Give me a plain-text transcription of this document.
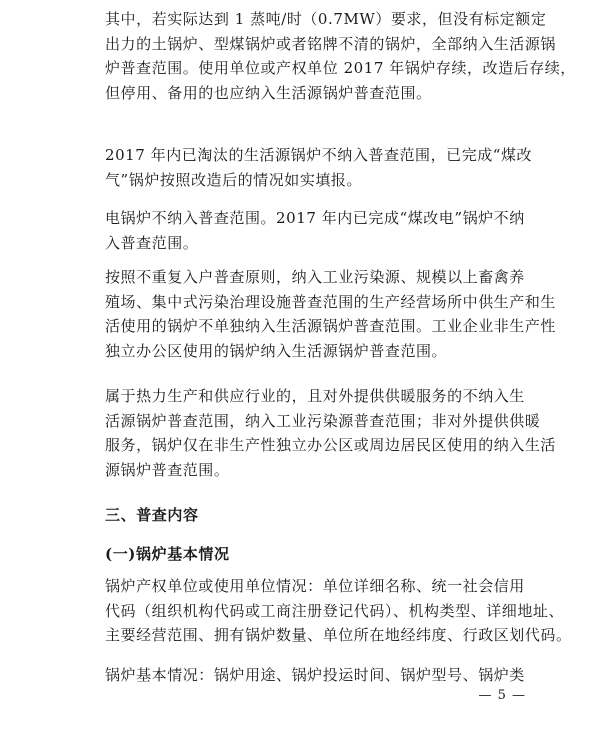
其中，若实际达到 1 蒸吨/时（0.7MW）要求，但没有标定额定
出力的土锅炉、型煤锅炉或者铭牌不清的锅炉，全部纳入生活源锅
炉普查范围。使用单位或产权单位 2017 年锅炉存续，改造后存续，
但停用、备用的也应纳入生活源锅炉普查范围。

2017 年内已淘汰的生活源锅炉不纳入普查范围，已完成“煤改
气”锅炉按照改造后的情况如实填报。

电锅炉不纳入普查范围。2017 年内已完成“煤改电”锅炉不纳
入普查范围。

按照不重复入户普查原则，纳入工业污染源、规模以上畜禽养
殖场、集中式污染治理设施普查范围的生产经营场所中供生产和生
活使用的锅炉不单独纳入生活源锅炉普查范围。工业企业非生产性
独立办公区使用的锅炉纳入生活源锅炉普查范围。

属于热力生产和供应行业的，且对外提供供暖服务的不纳入生
活源锅炉普查范围，纳入工业污染源普查范围；非对外提供供暖
服务，锅炉仅在非生产性独立办公区或周边居民区使用的纳入生活
源锅炉普查范围。

三、普查内容
(一)锅炉基本情况

锅炉产权单位或使用单位情况：单位详细名称、统一社会信用
代码（组织机构代码或工商注册登记代码）、机构类型、详细地址、
主要经营范围、拥有锅炉数量、单位所在地经纬度、行政区划代码。

锅炉基本情况：锅炉用途、锅炉投运时间、锅炉型号、锅炉类

— 5 —
